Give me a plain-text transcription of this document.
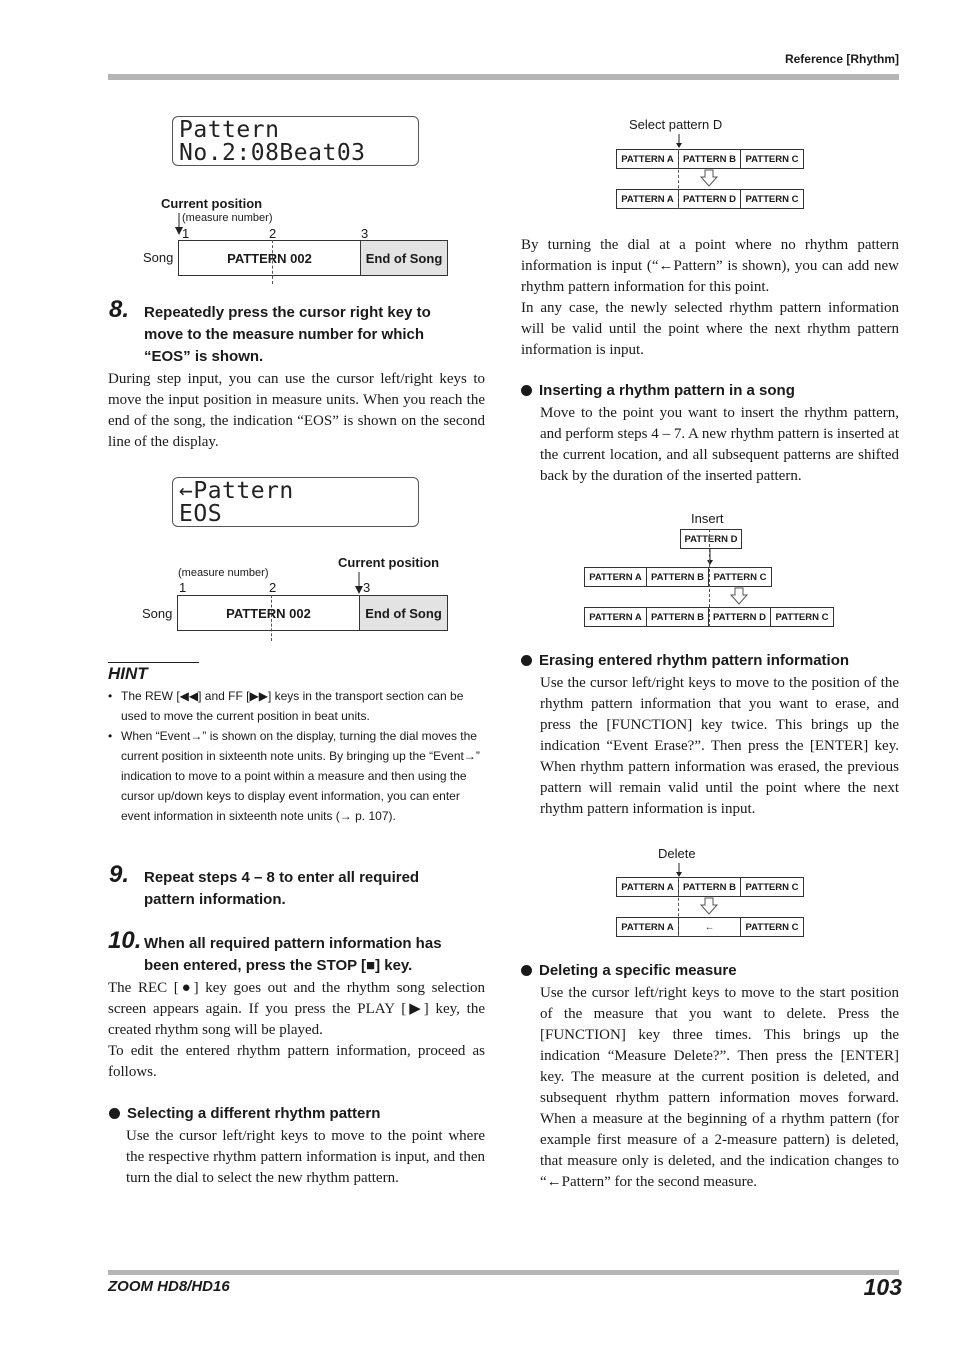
Reference [Rhythm]
ZOOM HD8/HD16	103
Pattern
No.2:08Beat03
Current position
(measure number)
1	2	3
Song	PATTERN 002	End of Song
8. Repeatedly press the cursor right key to move to the measure number for which “EOS” is shown.
During step input, you can use the cursor left/right keys to move the input position in measure units. When you reach the end of the song, the indication “EOS” is shown on the second line of the display.
←Pattern
EOS
Current position
(measure number)
1	2	3
Song	PATTERN 002	End of Song
HINT
• The REW [◀◀] and FF [▶▶] keys in the transport section can be used to move the current position in beat units.
• When “Event→” is shown on the display, turning the dial moves the current position in sixteenth note units. By bringing up the “Event→” indication to move to a point within a measure and then using the cursor up/down keys to display event information, you can enter event information in sixteenth note units (→ p. 107).
9. Repeat steps 4 – 8 to enter all required pattern information.
10. When all required pattern information has been entered, press the STOP [■] key.
The REC [●] key goes out and the rhythm song selection screen appears again. If you press the PLAY [▶] key, the created rhythm song will be played.
To edit the entered rhythm pattern information, proceed as follows.
Selecting a different rhythm pattern
Use the cursor left/right keys to move to the point where the respective rhythm pattern information is input, and then turn the dial to select the new rhythm pattern.
Select pattern D
PATTERN A PATTERN B	PATTERN C
PATTERN A PATTERN D	PATTERN C
By turning the dial at a point where no rhythm pattern information is input (“←Pattern” is shown), you can add new rhythm pattern information for this point.
In any case, the newly selected rhythm pattern information will be valid until the point where the next rhythm pattern information is input.
Inserting a rhythm pattern in a song
Move to the point you want to insert the rhythm pattern, and perform steps 4 – 7. A new rhythm pattern is inserted at the current location, and all subsequent patterns are shifted back by the duration of the inserted pattern.
Insert
PATTERN D
PATTERN A PATTERN B	PATTERN C
PATTERN A PATTERN B PATTERN D	PATTERN C
Erasing entered rhythm pattern information
Use the cursor left/right keys to move to the position of the rhythm pattern information that you want to erase, and press the [FUNCTION] key twice. This brings up the indication “Event Erase?”. Then press the [ENTER] key. When rhythm pattern information was erased, the previous pattern will remain valid until the point where the next rhythm pattern information is input.
Delete
PATTERN A PATTERN B	PATTERN C
PATTERN A	←	PATTERN C
Deleting a specific measure
Use the cursor left/right keys to move to the start position of the measure that you want to delete. Press the [FUNCTION] key three times. This brings up the indication “Measure Delete?”. Then press the [ENTER] key. The measure at the current position is deleted, and subsequent rhythm pattern information moves forward. When a measure at the beginning of a rhythm pattern (for example first measure of a 2-measure pattern) is deleted, that measure only is deleted, and the indication changes to “←Pattern” for the second measure.
